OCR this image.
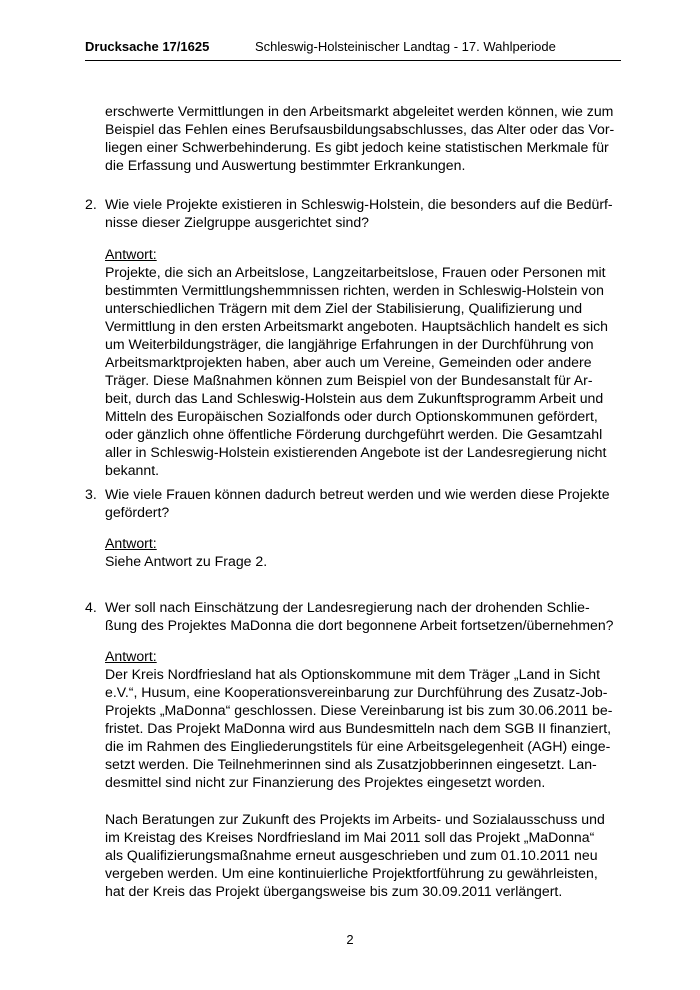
Drucksache 17/1625	Schleswig-Holsteinischer Landtag - 17. Wahlperiode
erschwerte Vermittlungen in den Arbeitsmarkt abgeleitet werden können, wie zum
Beispiel das Fehlen eines Berufsausbildungsabschlusses, das Alter oder das Vor-
liegen einer Schwerbehinderung. Es gibt jedoch keine statistischen Merkmale für
die Erfassung und Auswertung bestimmter Erkrankungen.
2. Wie viele Projekte existieren in Schleswig-Holstein, die besonders auf die Bedürf-
nisse dieser Zielgruppe ausgerichtet sind?
Antwort:
Projekte, die sich an Arbeitslose, Langzeitarbeitslose, Frauen oder Personen mit
bestimmten Vermittlungshemmnissen richten, werden in Schleswig-Holstein von
unterschiedlichen Trägern mit dem Ziel der Stabilisierung, Qualifizierung und
Vermittlung in den ersten Arbeitsmarkt angeboten. Hauptsächlich handelt es sich
um Weiterbildungsträger, die langjährige Erfahrungen in der Durchführung von
Arbeitsmarktprojekten haben, aber auch um Vereine, Gemeinden oder andere
Träger. Diese Maßnahmen können zum Beispiel von der Bundesanstalt für Ar-
beit, durch das Land Schleswig-Holstein aus dem Zukunftsprogramm Arbeit und
Mitteln des Europäischen Sozialfonds oder durch Optionskommunen gefördert,
oder gänzlich ohne öffentliche Förderung durchgeführt werden. Die Gesamtzahl
aller in Schleswig-Holstein existierenden Angebote ist der Landesregierung nicht
bekannt.
3. Wie viele Frauen können dadurch betreut werden und wie werden diese Projekte
gefördert?
Antwort:
Siehe Antwort zu Frage 2.
4. Wer soll nach Einschätzung der Landesregierung nach der drohenden Schlie-
ßung des Projektes MaDonna die dort begonnene Arbeit fortsetzen/übernehmen?
Antwort:
Der Kreis Nordfriesland hat als Optionskommune mit dem Träger „Land in Sicht
e.V.“, Husum, eine Kooperationsvereinbarung zur Durchführung des Zusatz-Job-
Projekts „MaDonna“ geschlossen. Diese Vereinbarung ist bis zum 30.06.2011 be-
fristet. Das Projekt MaDonna wird aus Bundesmitteln nach dem SGB II finanziert,
die im Rahmen des Eingliederungstitels für eine Arbeitsgelegenheit (AGH) einge-
setzt werden. Die Teilnehmerinnen sind als Zusatzjobberinnen eingesetzt. Lan-
desmittel sind nicht zur Finanzierung des Projektes eingesetzt worden.
Nach Beratungen zur Zukunft des Projekts im Arbeits- und Sozialausschuss und
im Kreistag des Kreises Nordfriesland im Mai 2011 soll das Projekt „MaDonna“
als Qualifizierungsmaßnahme erneut ausgeschrieben und zum 01.10.2011 neu
vergeben werden. Um eine kontinuierliche Projektfortführung zu gewährleisten,
hat der Kreis das Projekt übergangsweise bis zum 30.09.2011 verlängert.
2
